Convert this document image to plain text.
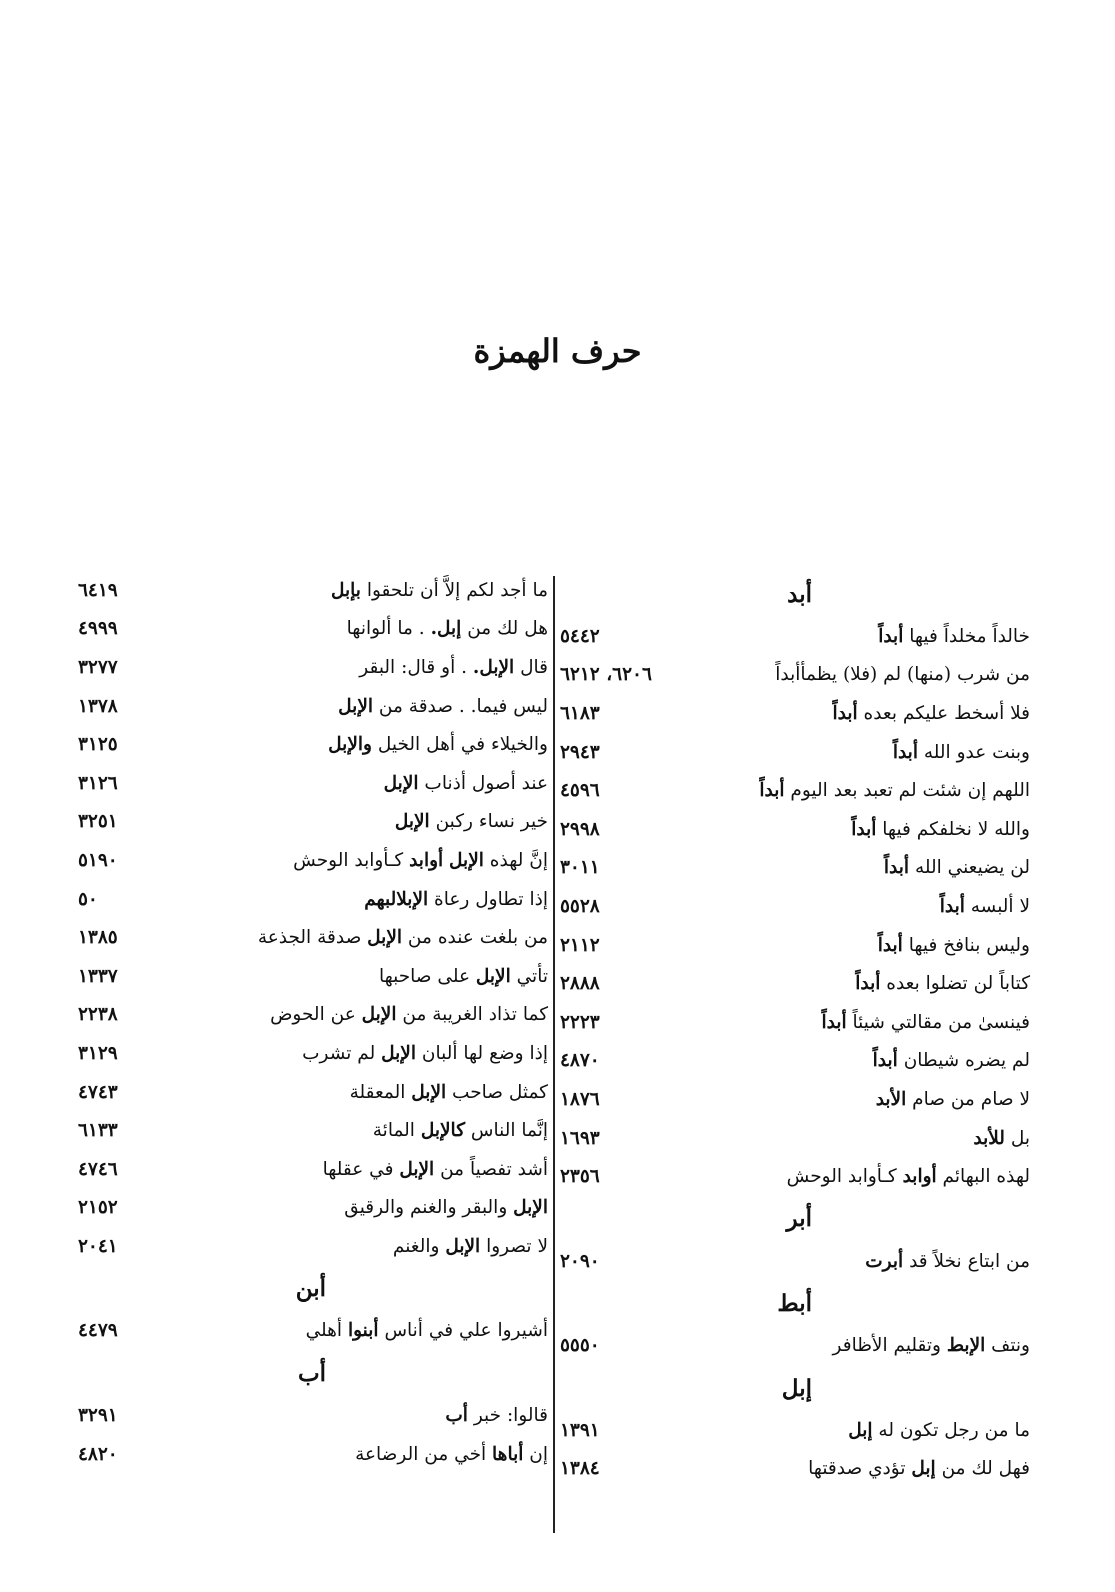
حرف الهمزة
أبد
خالداً مخلداً فيها أبداً
٥٤٤٢
من شرب (منها) لم (فلا) يظمأأبداً
٦٢٠٦، ٦٢١٢
فلا أسخط عليكم بعده أبداً
٦١٨٣
وبنت عدو الله أبداً
٢٩٤٣
اللهم إن شئت لم تعبد بعد اليوم أبداً
٤٥٩٦
والله لا نخلفكم فيها أبداً
٢٩٩٨
لن يضيعني الله أبداً
٣٠١١
لا ألبسه أبداً
٥٥٢٨
وليس بنافخ فيها أبداً
٢١١٢
كتاباً لن تضلوا بعده أبداً
٢٨٨٨
فينسىٰ من مقالتي شيئاً أبداً
٢٢٢٣
لم يضره شيطان أبداً
٤٨٧٠
لا صام من صام الأبد
١٨٧٦
بل للأبد
١٦٩٣
لهذه البهائم أوابد كـأوابد الوحش
٢٣٥٦
أبر
من ابتاع نخلاً قد أبرت
٢٠٩٠
أبط
ونتف الإبط وتقليم الأظافر
٥٥٥٠
إبل
ما من رجل تكون له إبل
١٣٩١
فهل لك من إبل تؤدي صدقتها
١٣٨٤
ما أجد لكم إلاَّ أن تلحقوا بإبل
٦٤١٩
هل لك من إبل. . ما ألوانها
٤٩٩٩
قال الإبل. . أو قال: البقر
٣٢٧٧
ليس فيما. . صدقة من الإبل
١٣٧٨
والخيلاء في أهل الخيل والإبل
٣١٢٥
عند أصول أذناب الإبل
٣١٢٦
خير نساء ركبن الإبل
٣٢٥١
إنَّ لهذه الإبل أوابد كـأوابد الوحش
٥١٩٠
إذا تطاول رعاة الإبلالبهم
٥٠
من بلغت عنده من الإبل صدقة الجذعة
١٣٨٥
تأتي الإبل على صاحبها
١٣٣٧
كما تذاد الغريبة من الإبل عن الحوض
٢٢٣٨
إذا وضع لها ألبان الإبل لم تشرب
٣١٢٩
كمثل صاحب الإبل المعقلة
٤٧٤٣
إنَّما الناس كالإبل المائة
٦١٣٣
أشد تفصياً من الإبل في عقلها
٤٧٤٦
الإبل والبقر والغنم والرقيق
٢١٥٢
لا تصروا الإبل والغنم
٢٠٤١
أبن
أشيروا علي في أناس أبنوا أهلي
٤٤٧٩
أب
قالوا: خبر أب
٣٢٩١
إن أباها أخي من الرضاعة
٤٨٢٠
